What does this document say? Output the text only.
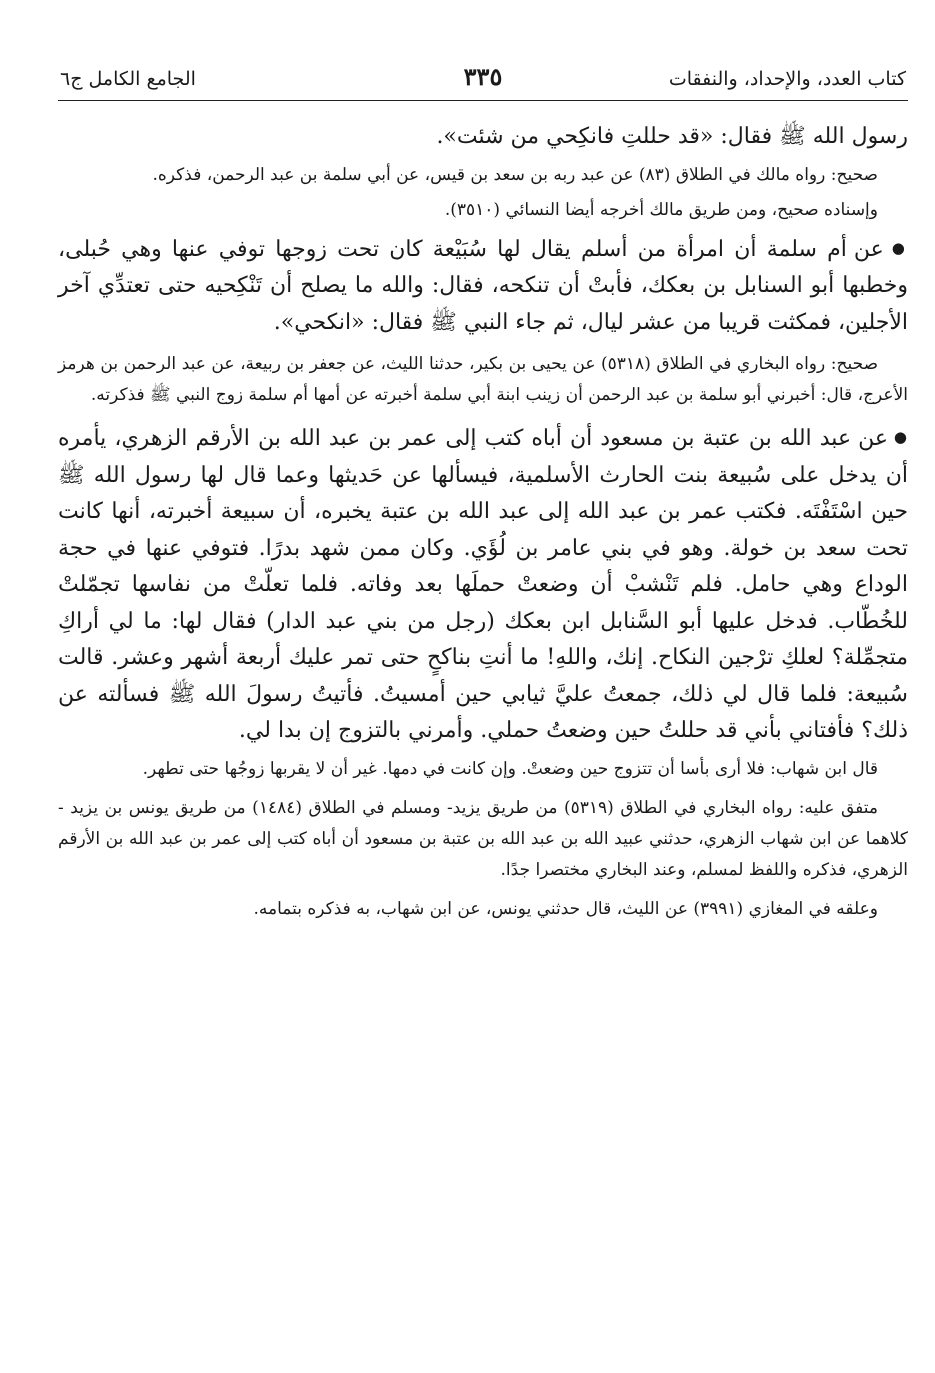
كتاب العدد، والإحداد، والنفقات
٣٣٥
الجامع الكامل ج٦

رسول الله ﷺ فقال: «قد حللتِ فانكِحي من شئت».

صحيح: رواه مالك في الطلاق (٨٣) عن عبد ربه بن سعد بن قيس، عن أبي سلمة بن عبد الرحمن، فذكره.

وإسناده صحيح، ومن طريق مالك أخرجه أيضا النسائي (٣٥١٠).

● عن أم سلمة أن امرأة من أسلم يقال لها سُبَيْعة كان تحت زوجها توفي عنها وهي حُبلى، وخطبها أبو السنابل بن بعكك، فأبتْ أن تنكحه، فقال: والله ما يصلح أن تَنْكِحيه حتى تعتدِّي آخر الأجلين، فمكثت قريبا من عشر ليال، ثم جاء النبي ﷺ فقال: «انكحي».

صحيح: رواه البخاري في الطلاق (٥٣١٨) عن يحيى بن بكير، حدثنا الليث، عن جعفر بن ربيعة، عن عبد الرحمن بن هرمز الأعرج، قال: أخبرني أبو سلمة بن عبد الرحمن أن زينب ابنة أبي سلمة أخبرته عن أمها أم سلمة زوج النبي ﷺ فذكرته.

● عن عبد الله بن عتبة بن مسعود أن أباه كتب إلى عمر بن عبد الله بن الأرقم الزهري، يأمره أن يدخل على سُبيعة بنت الحارث الأسلمية، فيسألها عن حَديثها وعما قال لها رسول الله ﷺ حين اسْتَفْتَه. فكتب عمر بن عبد الله إلى عبد الله بن عتبة يخبره، أن سبيعة أخبرته، أنها كانت تحت سعد بن خولة. وهو في بني عامر بن لُؤَي. وكان ممن شهد بدرًا. فتوفي عنها في حجة الوداع وهي حامل. فلم تَنْشبْ أن وضعتْ حملَها بعد وفاته. فلما تعلّتْ من نفاسها تجمّلتْ للخُطّاب. فدخل عليها أبو السَّنابل ابن بعكك (رجل من بني عبد الدار) فقال لها: ما لي أراكِ متجمِّلة؟ لعلكِ ترْجين النكاح. إنك، واللهِ! ما أنتِ بناكحٍ حتى تمر عليك أربعة أشهر وعشر. قالت سُبيعة: فلما قال لي ذلك، جمعتُ عليَّ ثيابي حين أمسيتُ. فأتيتُ رسولَ الله ﷺ فسألته عن ذلك؟ فأفتاني بأني قد حللتُ حين وضعتُ حملي. وأمرني بالتزوج إن بدا لي.

قال ابن شهاب: فلا أرى بأسا أن تتزوج حين وضعتْ. وإن كانت في دمها. غير أن لا يقربها زوجُها حتى تطهر.

متفق عليه: رواه البخاري في الطلاق (٥٣١٩) من طريق يزيد- ومسلم في الطلاق (١٤٨٤) من طريق يونس بن يزيد - كلاهما عن ابن شهاب الزهري، حدثني عبيد الله بن عبد الله بن عتبة بن مسعود أن أباه كتب إلى عمر بن عبد الله بن الأرقم الزهري، فذكره واللفظ لمسلم، وعند البخاري مختصرا جدًا.

وعلقه في المغازي (٣٩٩١) عن الليث، قال حدثني يونس، عن ابن شهاب، به فذكره بتمامه.
